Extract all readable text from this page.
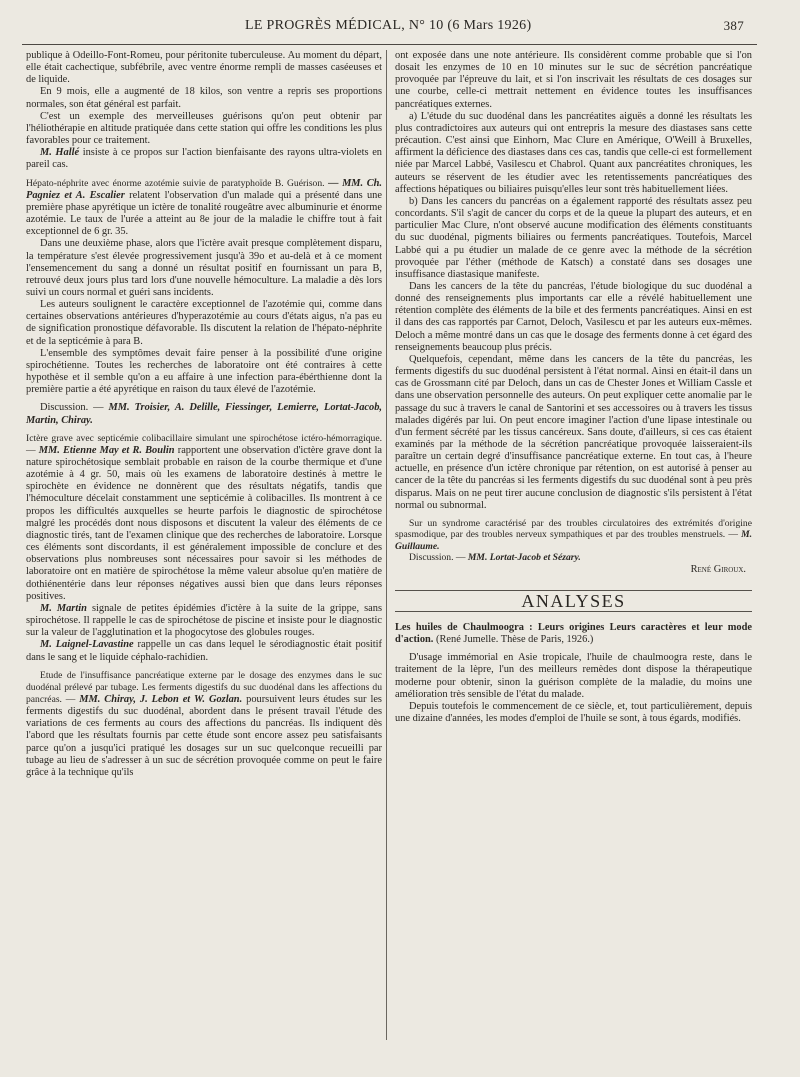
LE PROGRÈS MÉDICAL, N° 10 (6 Mars 1926)	387

publique à Odeillo-Font-Romeu, pour péritonite tuberculeuse. Au moment du départ, elle était cachectique, subfébrile, avec ventre énorme rempli de masses caséeuses et de liquide.

En 9 mois, elle a augmenté de 18 kilos, son ventre a repris ses proportions normales, son état général est parfait.

C'est un exemple des merveilleuses guérisons qu'on peut obtenir par l'héliothérapie en altitude pratiquée dans cette station qui offre les conditions les plus favorables pour ce traitement.

M. Hallé insiste à ce propos sur l'action bienfaisante des rayons ultra-violets en pareil cas.

Hépato-néphrite avec énorme azotémie suivie de paratyphoïde B. Guérison. — MM. Ch. Pagniez et A. Escalier relatent l'observation d'un malade qui a présenté dans une première phase apyrétique un ictère de tonalité rougeâtre avec albuminurie et énorme azotémie. Le taux de l'urée a atteint au 8e jour de la maladie le chiffre tout à fait exceptionnel de 6 gr. 35.

Dans une deuxième phase, alors que l'ictère avait presque complètement disparu, la température s'est élevée progressivement jusqu'à 39o et au-delà et à ce moment l'ensemencement du sang a donné un résultat positif en fournissant un para B, retrouvé deux jours plus tard lors d'une nouvelle hémoculture. La maladie a dès lors suivi un cours normal et guéri sans incidents.

Les auteurs soulignent le caractère exceptionnel de l'azotémie qui, comme dans certaines observations antérieures d'hyperazotémie au cours d'états aigus, n'a pas eu de signification pronostique défavorable. Ils discutent la relation de l'hépato-néphrite et de la septicémie à para B.

L'ensemble des symptômes devait faire penser à la possibilité d'une origine spirochétienne. Toutes les recherches de laboratoire ont été contraires à cette hypothèse et il semble qu'on a eu affaire à une infection para-ébérthienne dont la première partie a été apyrétique en raison du taux élevé de l'azotémie.

Discussion. — MM. Troisier, A. Delille, Fiessinger, Lemierre, Lortat-Jacob, Martin, Chiray.

Ictère grave avec septicémie colibacillaire simulant une spirochétose ictéro-hémorragique. — MM. Etienne May et R. Boulin rapportent une observation d'ictère grave dont la nature spirochétosique semblait probable en raison de la courbe thermique et d'une azotémie à 4 gr. 50, mais où les examens de laboratoire destinés à mettre le spirochète en évidence ne donnèrent que des résultats négatifs, tandis que l'hémoculture décelait constamment une septicémie à colibacilles. Ils montrent à ce propos les difficultés auxquelles se heurte parfois le diagnostic de spirochétose malgré les procédés dont nous disposons et discutent la valeur des éléments de ce diagnostic tirés, tant de l'examen clinique que des recherches de laboratoire. Lorsque ces éléments sont discordants, il est généralement impossible de conclure et des observations plus nombreuses sont nécessaires pour savoir si les méthodes de laboratoire ont en matière de spirochétose la même valeur absolue qu'en matière de dothiénentérie dans leur réponses négatives aussi bien que dans leurs réponses positives.

M. Martin signale de petites épidémies d'ictère à la suite de la grippe, sans spirochétose. Il rappelle le cas de spirochétose de piscine et insiste pour le diagnostic sur la valeur de l'agglutination et la phogocytose des globules rouges.

M. Laignel-Lavastine rappelle un cas dans lequel le sérodiagnostic était positif dans le sang et le liquide céphalo-rachidien.

Etude de l'insuffisance pancréatique externe par le dosage des enzymes dans le suc duodénal prélevé par tubage. Les ferments digestifs du suc duodénal dans les affections du pancréas. — MM. Chiray, J. Lebon et W. Gozlan. poursuivent leurs études sur les ferments digestifs du suc duodénal, abordent dans le présent travail l'étude des variations de ces ferments au cours des affections du pancréas. Ils indiquent dès l'abord que les résultats fournis par cette étude sont encore assez peu satisfaisants parce qu'on a jusqu'ici pratiqué les dosages sur un suc quelconque recueilli par tubage au lieu de s'adresser à un suc de sécrétion provoquée comme on peut le faire grâce à la technique qu'ils

ont exposée dans une note antérieure. Ils considèrent comme probable que si l'on dosait les enzymes de 10 en 10 minutes sur le suc de sécrétion pancréatique provoquée par l'épreuve du lait, et si l'on inscrivait les résultats de ces dosages sur une courbe, celle-ci mettrait nettement en évidence toutes les insuffisances pancréatiques externes.

a) L'étude du suc duodénal dans les pancréatites aiguës a donné les résultats les plus contradictoires aux auteurs qui ont entrepris la mesure des diastases sans cette précaution. C'est ainsi que Einhorn, Mac Clure en Amérique, O'Weill à Bruxelles, affirment la déficience des diastases dans ces cas, tandis que celle-ci est formellement niée par Marcel Labbé, Vasilescu et Chabrol. Quant aux pancréatites chroniques, les auteurs se réservent de les étudier avec les retentissements pancréatiques des affections hépatiques ou biliaires puisqu'elles leur sont très habituellement liées.

b) Dans les cancers du pancréas on a également rapporté des résultats assez peu concordants. S'il s'agit de cancer du corps et de la queue la plupart des auteurs, et en particulier Mac Clure, n'ont observé aucune modification des éléments constituants du suc duodénal, pigments biliaires ou ferments pancréatiques. Toutefois, Marcel Labbé qui a pu étudier un malade de ce genre avec la méthode de la sécrétion provoquée par l'éther (méthode de Katsch) a constaté dans ses dosages une insuffisance diastasique manifeste.

Dans les cancers de la tête du pancréas, l'étude biologique du suc duodénal a donné des renseignements plus importants car elle a révélé habituellement une rétention complète des éléments de la bile et des ferments pancréatiques. Ainsi en est il dans des cas rapportés par Carnot, Deloch, Vasilescu et par les auteurs eux-mêmes. Deloch a même montré dans un cas que le dosage des ferments donne à cet égard des renseignements beaucoup plus précis.

Quelquefois, cependant, même dans les cancers de la tête du pancréas, les ferments digestifs du suc duodénal persistent à l'état normal. Ainsi en était-il dans un cas de Grossmann cité par Deloch, dans un cas de Chester Jones et William Cassle et dans une observation personnelle des auteurs. On peut expliquer cette anomalie par le passage du suc à travers le canal de Santorini et ses accessoires ou à travers les tissus malades digérés par lui. On peut encore imaginer l'action d'une lipase intestinale ou d'un ferment sécrété par les tissus cancéreux. Sans doute, d'ailleurs, si ces cas étaient examinés par la méthode de la sécrétion pancréatique provoquée laisseraient-ils paraître un certain degré d'insuffisance pancréatique externe. En tout cas, à l'heure actuelle, en présence d'un ictère chronique par rétention, on est autorisé à penser au cancer de la tête du pancréas si les ferments digestifs du suc duodénal sont à peu près disparus. Mais on ne peut tirer aucune conclusion de diagnostic s'ils persistent à l'état normal ou subnormal.

Sur un syndrome caractérisé par des troubles circulatoires des extrémités d'origine spasmodique, par des troubles nerveux sympathiques et par des troubles menstruels. — M. Guillaume.

Discussion. — MM. Lortat-Jacob et Sézary.

René Giroux.

ANALYSES

Les huiles de Chaulmoogra : Leurs origines Leurs caractères et leur mode d'action. (René Jumelle. Thèse de Paris, 1926.)

D'usage immémorial en Asie tropicale, l'huile de chaulmoogra reste, dans le traitement de la lèpre, l'un des meilleurs remèdes dont dispose la thérapeutique moderne pour obtenir, sinon la guérison complète de la maladie, du moins une amélioration très sensible de l'état du malade.

Depuis toutefois le commencement de ce siècle, et, tout particulièrement, depuis une dizaine d'années, les modes d'emploi de l'huile se sont, à tous égards, modifiés.
